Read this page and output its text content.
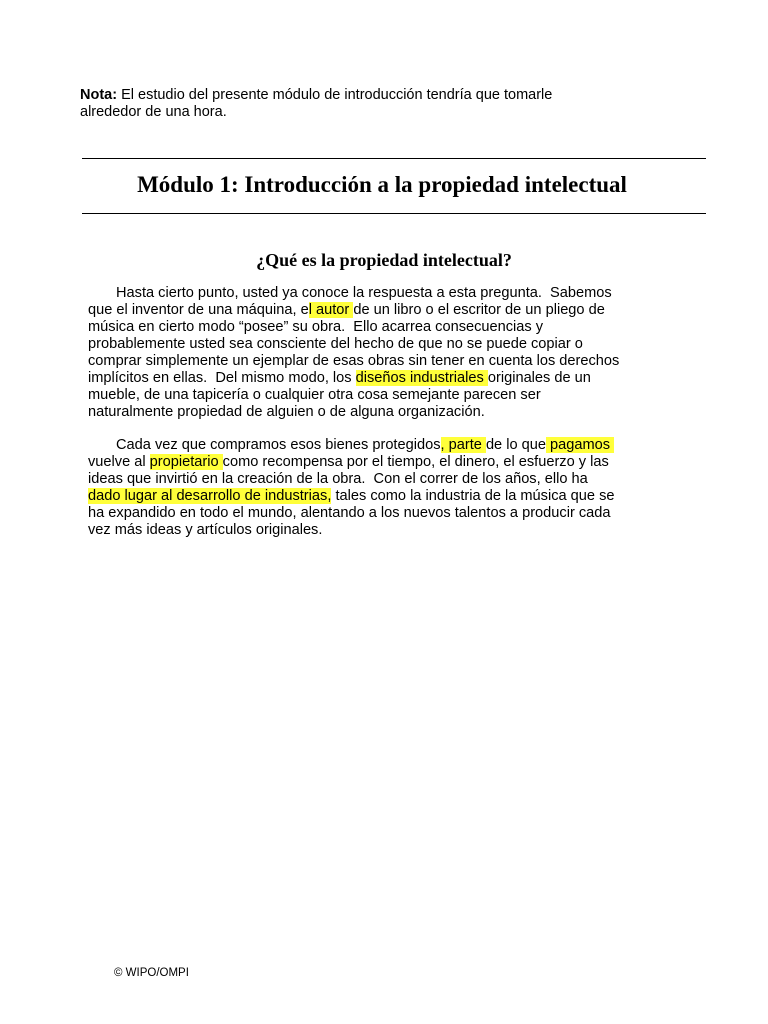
Nota: El estudio del presente módulo de introducción tendría que tomarle
alrededor de una hora.
Módulo 1: Introducción a la propiedad intelectual
¿Qué es la propiedad intelectual?
Hasta cierto punto, usted ya conoce la respuesta a esta pregunta.  Sabemos
que el inventor de una máquina, el autor de un libro o el escritor de un pliego de
música en cierto modo “posee” su obra.  Ello acarrea consecuencias y
probablemente usted sea consciente del hecho de que no se puede copiar o
comprar simplemente un ejemplar de esas obras sin tener en cuenta los derechos
implícitos en ellas.  Del mismo modo, los diseños industriales originales de un
mueble, de una tapicería o cualquier otra cosa semejante parecen ser
naturalmente propiedad de alguien o de alguna organización.
Cada vez que compramos esos bienes protegidos, parte de lo que pagamos
vuelve al propietario como recompensa por el tiempo, el dinero, el esfuerzo y las
ideas que invirtió en la creación de la obra.  Con el correr de los años, ello ha
dado lugar al desarrollo de industrias, tales como la industria de la música que se
ha expandido en todo el mundo, alentando a los nuevos talentos a producir cada
vez más ideas y artículos originales.
© WIPO/OMPI
